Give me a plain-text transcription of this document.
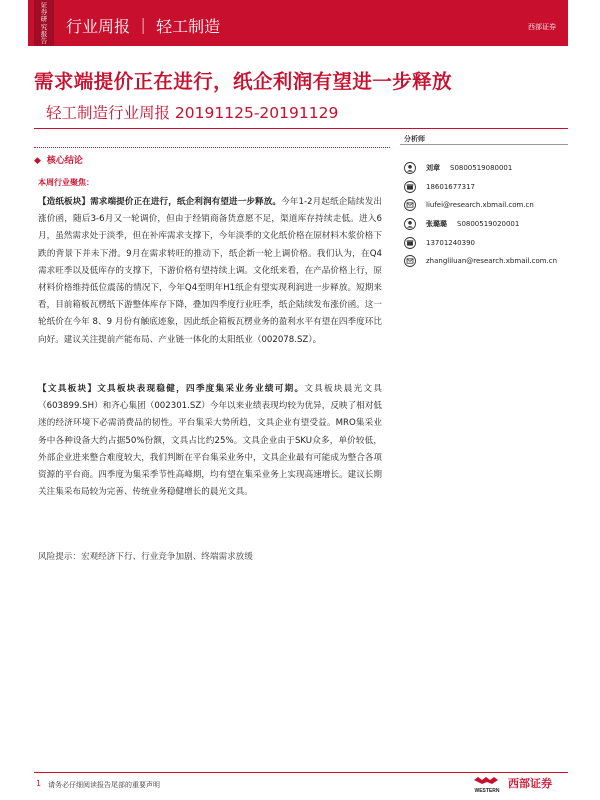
证
券
研
究
报
告
行业周报 ｜ 轻工制造	西部证券
2019 年 12 月 01 日
需求端提价正在进行，纸企利润有望进一步释放
轻工制造行业周报 20191125-20191129
分析师
刘章 S0800519080001
18601677317
liufei@research.xbmail.com.cn
张璐璐 S0800519020001
13701240390
zhangliluan@research.xbmail.com.cn
◆ 核心结论
本周行业聚焦：
【造纸板块】需求端提价正在进行，纸企利润有望进一步释放。今年1-2月起纸企陆续发出涨价函，随后3-6月又一轮调价，但由于经销商备货意愿不足，渠道库存持续走低。进入6月，虽然需求处于淡季，但在补库需求支撑下，今年淡季的文化纸价格在原材料木浆价格下跌的背景下并未下滑。9月在需求转旺的推动下，纸企新一轮上调价格。我们认为，在Q4需求旺季以及低库存的支撑下，下游价格有望持续上调。文化纸来看，在产品价格上行，原材料价格维持低位震荡的情况下，今年Q4至明年H1纸企有望实现利润进一步释放。短期来看，目前箱板瓦楞纸下游整体库存下降，叠加四季度行业旺季，纸企陆续发布涨价函。这一轮纸价在今年 8、9 月份有触底迹象，因此纸企箱板瓦楞业务的盈利水平有望在四季度环比向好。建议关注提前产能布局、产业链一体化的太阳纸业（002078.SZ）。
【文具板块】文具板块表现稳健，四季度集采业务业绩可期。文具板块晨光文具（603899.SH）和齐心集团（002301.SZ）今年以来业绩表现均较为优异，反映了相对低迷的经济环境下必需消费品的韧性。平台集采大势所趋，文具企业有望受益。MRO集采业务中各种设备大约占据50%份额，文具占比约25%。文具企业由于SKU众多，单价较低，外部企业进来整合难度较大，我们判断在平台集采业务中，文具企业最有可能成为整合各项资源的平台商。四季度为集采季节性高峰期，均有望在集采业务上实现高速增长。建议长期关注集采布局较为完善、传统业务稳健增长的晨光文具。
风险提示：宏观经济下行、行业竞争加剧、终端需求放缓
1 请务必仔细阅读报告尾部的重要声明
WESTERN
西部证券
